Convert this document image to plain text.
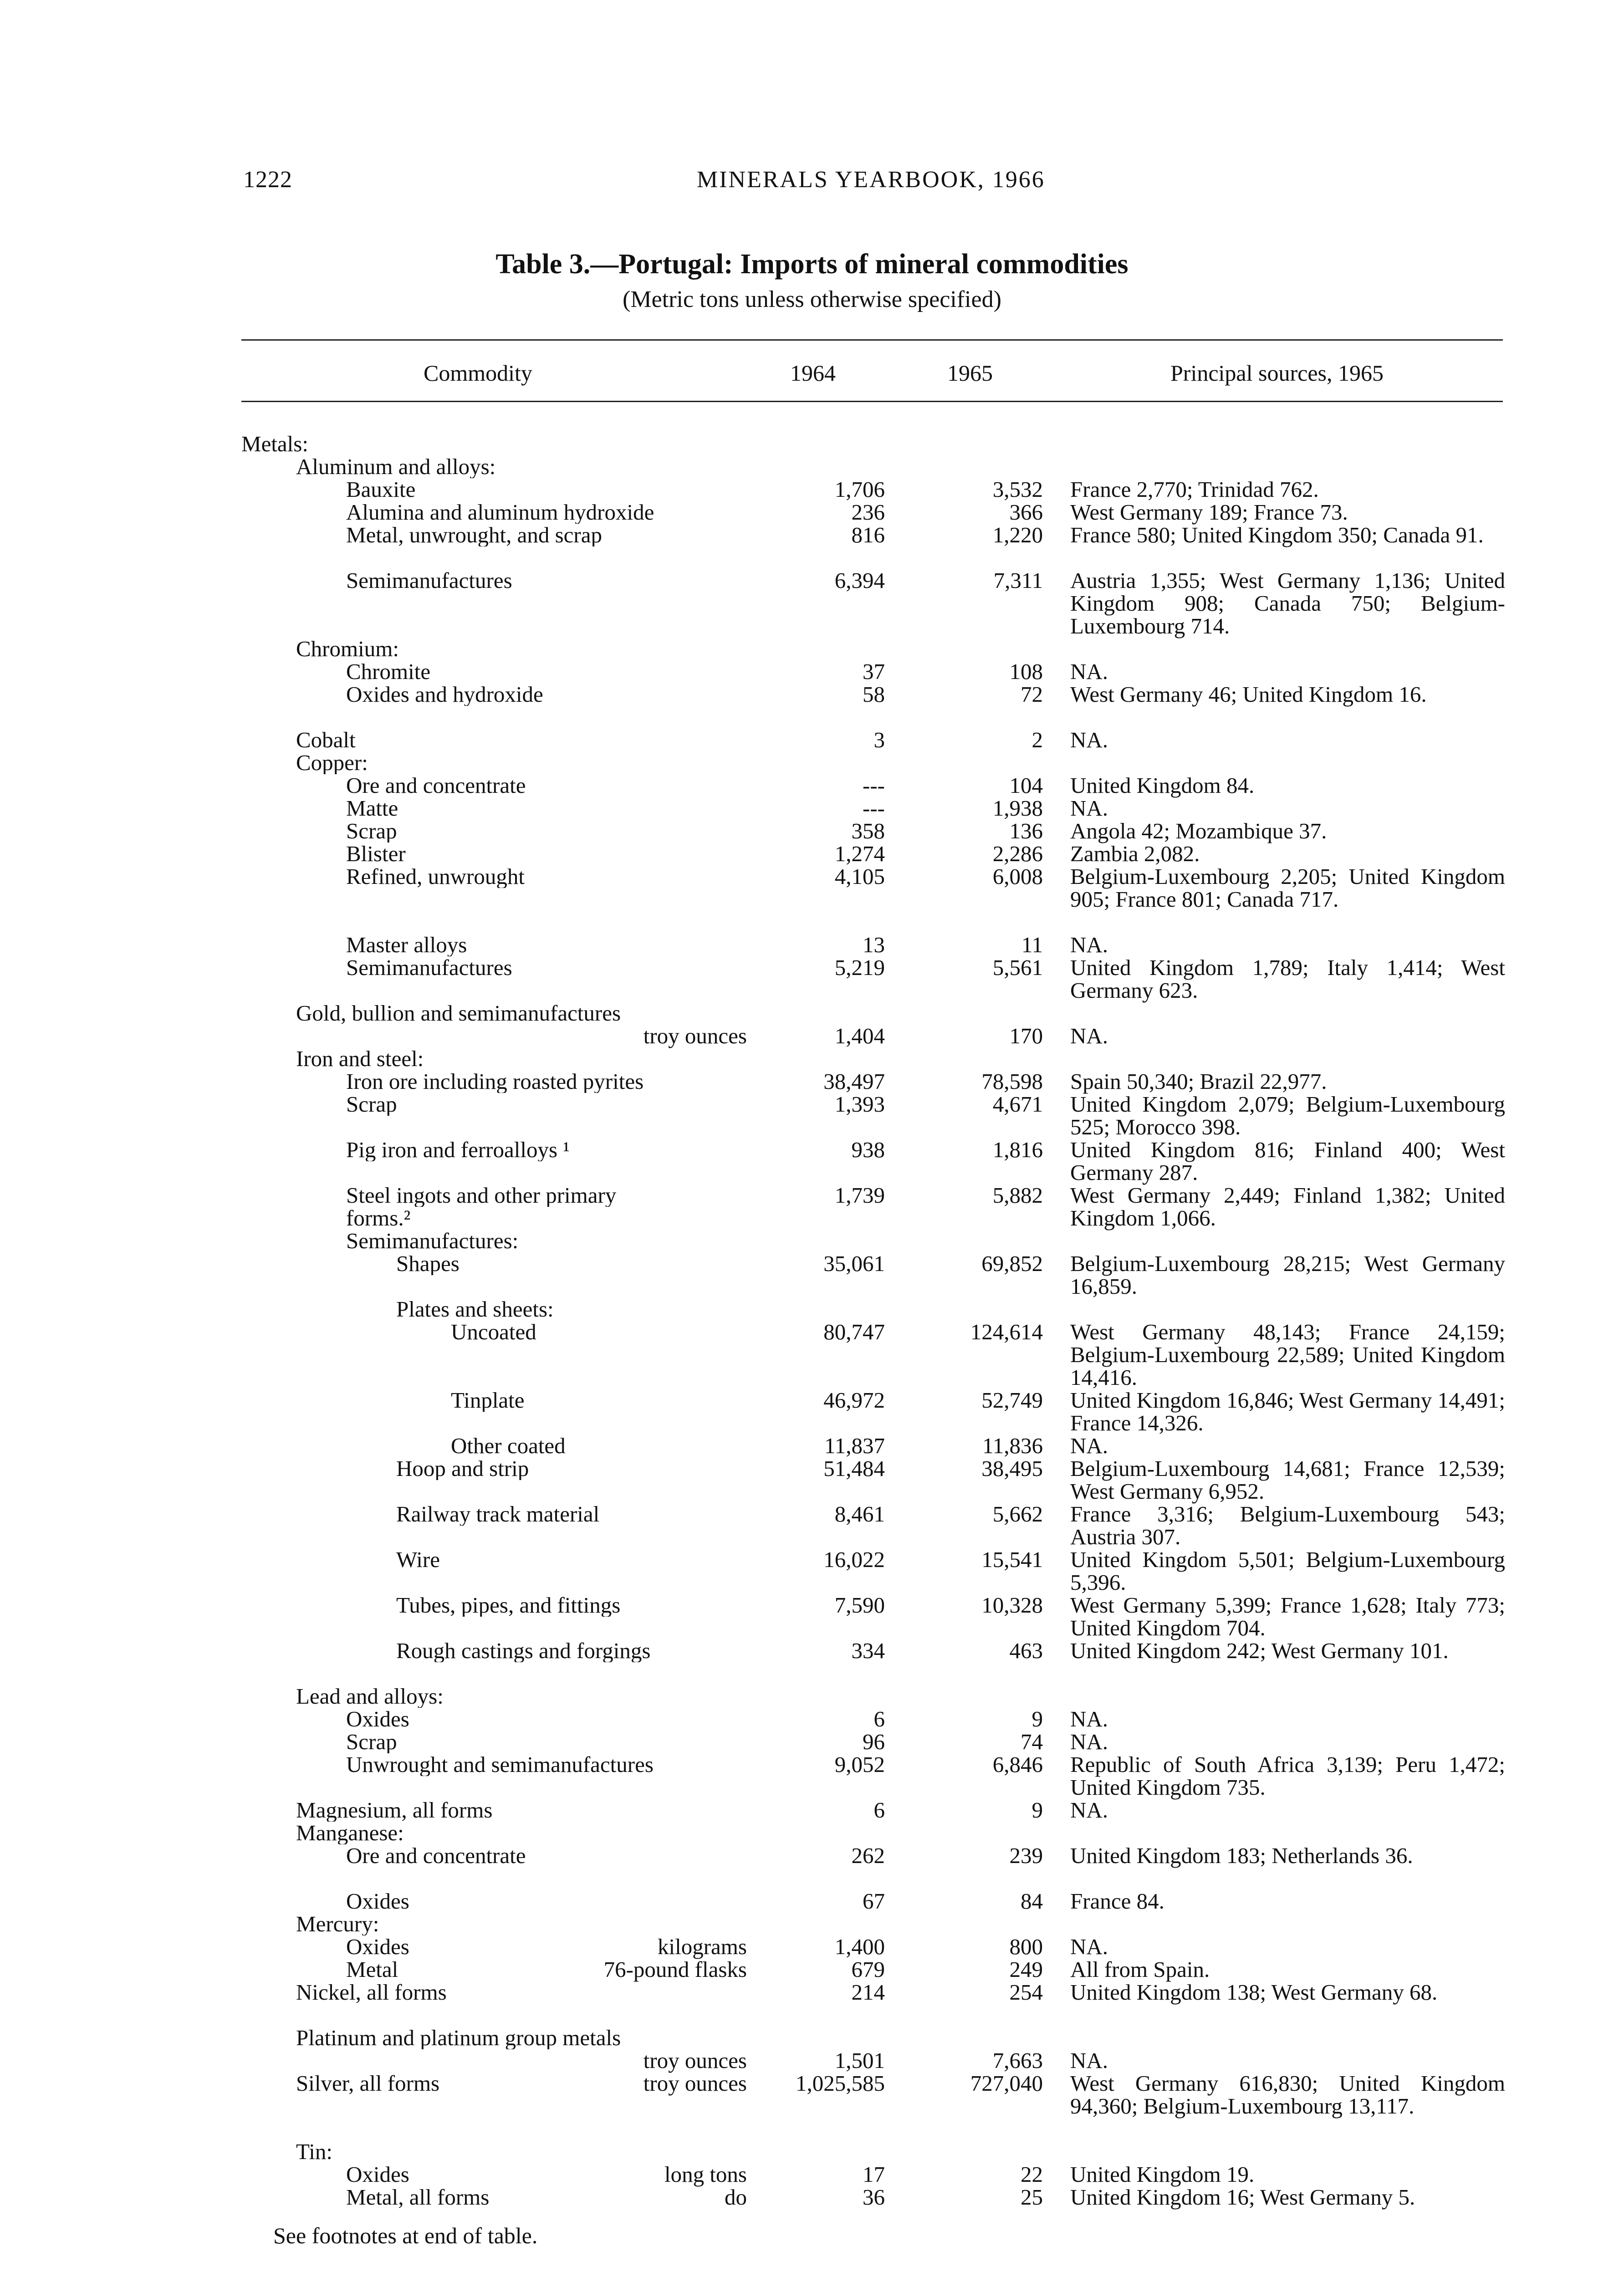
1222	MINERALS YEARBOOK, 1966
Table 3.—Portugal: Imports of mineral commodities
(Metric tons unless otherwise specified)
Commodity	1964	1965	Principal sources, 1965
Metals:
Aluminum and alloys:
Bauxite	1,706	3,532 France 2,770; Trinidad 762.
Alumina and aluminum hydroxide	236	366 West Germany 189; France 73.
Metal, unwrought, and scrap	816	1,220 France 580; United Kingdom 350; Canada 91.
Semimanufactures	6,394	7,311 Austria 1,355; West Germany 1,136; United Kingdom 908; Canada 750; Belgium-Luxembourg 714.
Chromium:
Chromite	37	108 NA.
Oxides and hydroxide	58	72 West Germany 46; United Kingdom 16.
Cobalt	3	2 NA.
Copper:
Ore and concentrate	---	104 United Kingdom 84.
Matte	---	1,938 NA.
Scrap	358	136 Angola 42; Mozambique 37.
Blister	1,274	2,286 Zambia 2,082.
Refined, unwrought	4,105	6,008 Belgium-Luxembourg 2,205; United Kingdom 905; France 801; Canada 717.
Master alloys	13	11 NA.
Semimanufactures	5,219	5,561 United Kingdom 1,789; Italy 1,414; West Germany 623.
Gold, bullion and semimanufactures
troy ounces	1,404	170 NA.
Iron and steel:
Iron ore including roasted pyrites	38,497	78,598 Spain 50,340; Brazil 22,977.
Scrap	1,393	4,671 United Kingdom 2,079; Belgium-Luxembourg 525; Morocco 398.
Pig iron and ferroalloys ¹	938	1,816 United Kingdom 816; Finland 400; West Germany 287.
Steel ingots and other primary	1,739	5,882 West Germany 2,449; Finland 1,382; United Kingdom 1,066.
forms.²
Semimanufactures:
Shapes	35,061	69,852 Belgium-Luxembourg 28,215; West Germany 16,859.
Plates and sheets:
Uncoated	80,747	124,614 West Germany 48,143; France 24,159; Belgium-Luxembourg 22,589; United Kingdom 14,416.
Tinplate	46,972	52,749 United Kingdom 16,846; West Germany 14,491; France 14,326.
Other coated	11,837	11,836 NA.
Hoop and strip	51,484	38,495 Belgium-Luxembourg 14,681; France 12,539; West Germany 6,952.
Railway track material	8,461	5,662 France 3,316; Belgium-Luxembourg 543; Austria 307.
Wire	16,022	15,541 United Kingdom 5,501; Belgium-Luxembourg 5,396.
Tubes, pipes, and fittings	7,590	10,328 West Germany 5,399; France 1,628; Italy 773; United Kingdom 704.
Rough castings and forgings	334	463 United Kingdom 242; West Germany 101.
Lead and alloys:
Oxides	6	9 NA.
Scrap	96	74 NA.
Unwrought and semimanufactures	9,052	6,846 Republic of South Africa 3,139; Peru 1,472; United Kingdom 735.
Magnesium, all forms	6	9 NA.
Manganese:
Ore and concentrate	262	239 United Kingdom 183; Netherlands 36.
Oxides	67	84 France 84.
Mercury:
Oxides	kilograms	1,400	800 NA.
Metal	76-pound flasks	679	249 All from Spain.
Nickel, all forms	214	254 United Kingdom 138; West Germany 68.
Platinum and platinum group metals
troy ounces	1,501	7,663 NA.
Silver, all forms	troy ounces 1,025,585	727,040 West Germany 616,830; United Kingdom 94,360; Belgium-Luxembourg 13,117.
Tin:
Oxides	long tons	17	22 United Kingdom 19.
Metal, all forms	do	36	25 United Kingdom 16; West Germany 5.
See footnotes at end of table.
